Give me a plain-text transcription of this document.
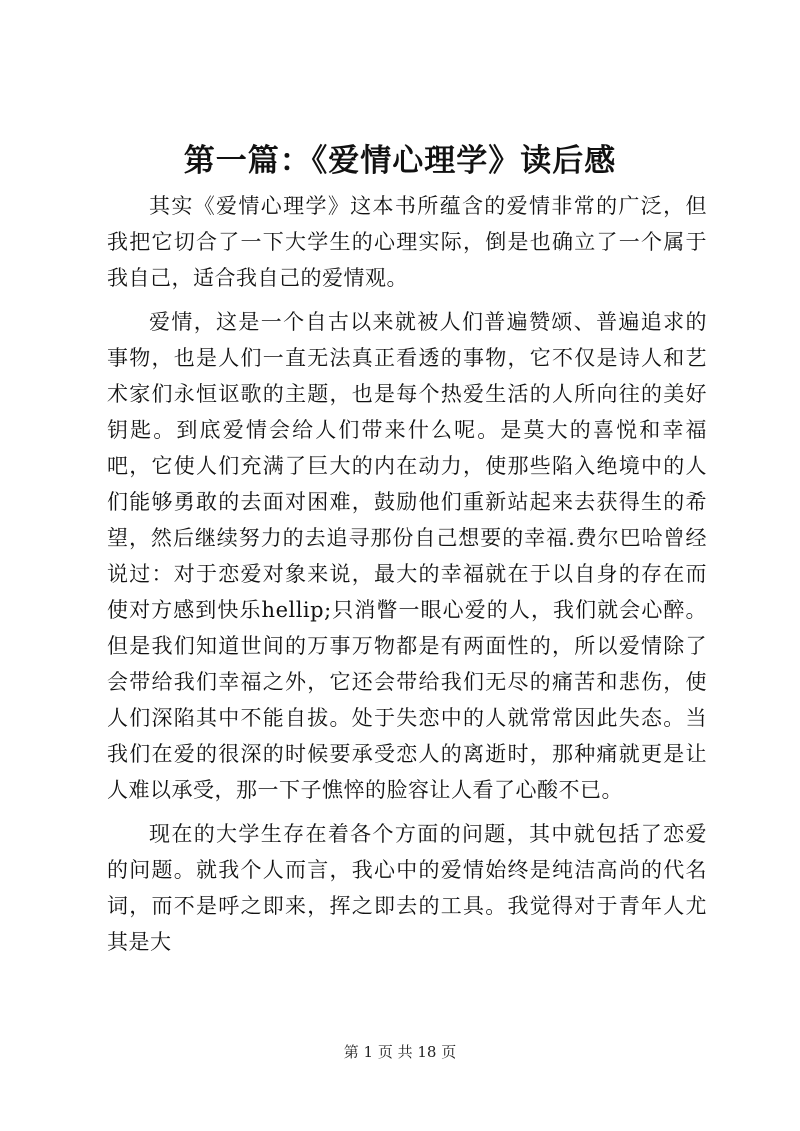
第一篇：《爱情心理学》读后感

其实《爱情心理学》这本书所蕴含的爱情非常的广泛，但我把它切合了一下大学生的心理实际，倒是也确立了一个属于我自己，适合我自己的爱情观。

爱情，这是一个自古以来就被人们普遍赞颂、普遍追求的事物，也是人们一直无法真正看透的事物，它不仅是诗人和艺术家们永恒讴歌的主题，也是每个热爱生活的人所向往的美好钥匙。到底爱情会给人们带来什么呢。是莫大的喜悦和幸福吧，它使人们充满了巨大的内在动力，使那些陷入绝境中的人们能够勇敢的去面对困难，鼓励他们重新站起来去获得生的希望，然后继续努力的去追寻那份自己想要的幸福.费尔巴哈曾经说过：对于恋爱对象来说，最大的幸福就在于以自身的存在而使对方感到快乐hellip;只消瞥一眼心爱的人，我们就会心醉。但是我们知道世间的万事万物都是有两面性的，所以爱情除了会带给我们幸福之外，它还会带给我们无尽的痛苦和悲伤，使人们深陷其中不能自拔。处于失恋中的人就常常因此失态。当我们在爱的很深的时候要承受恋人的离逝时，那种痛就更是让人难以承受，那一下子憔悴的脸容让人看了心酸不已。

现在的大学生存在着各个方面的问题，其中就包括了恋爱的问题。就我个人而言，我心中的爱情始终是纯洁高尚的代名词，而不是呼之即来，挥之即去的工具。我觉得对于青年人尤其是大

第 1 页 共 18 页
